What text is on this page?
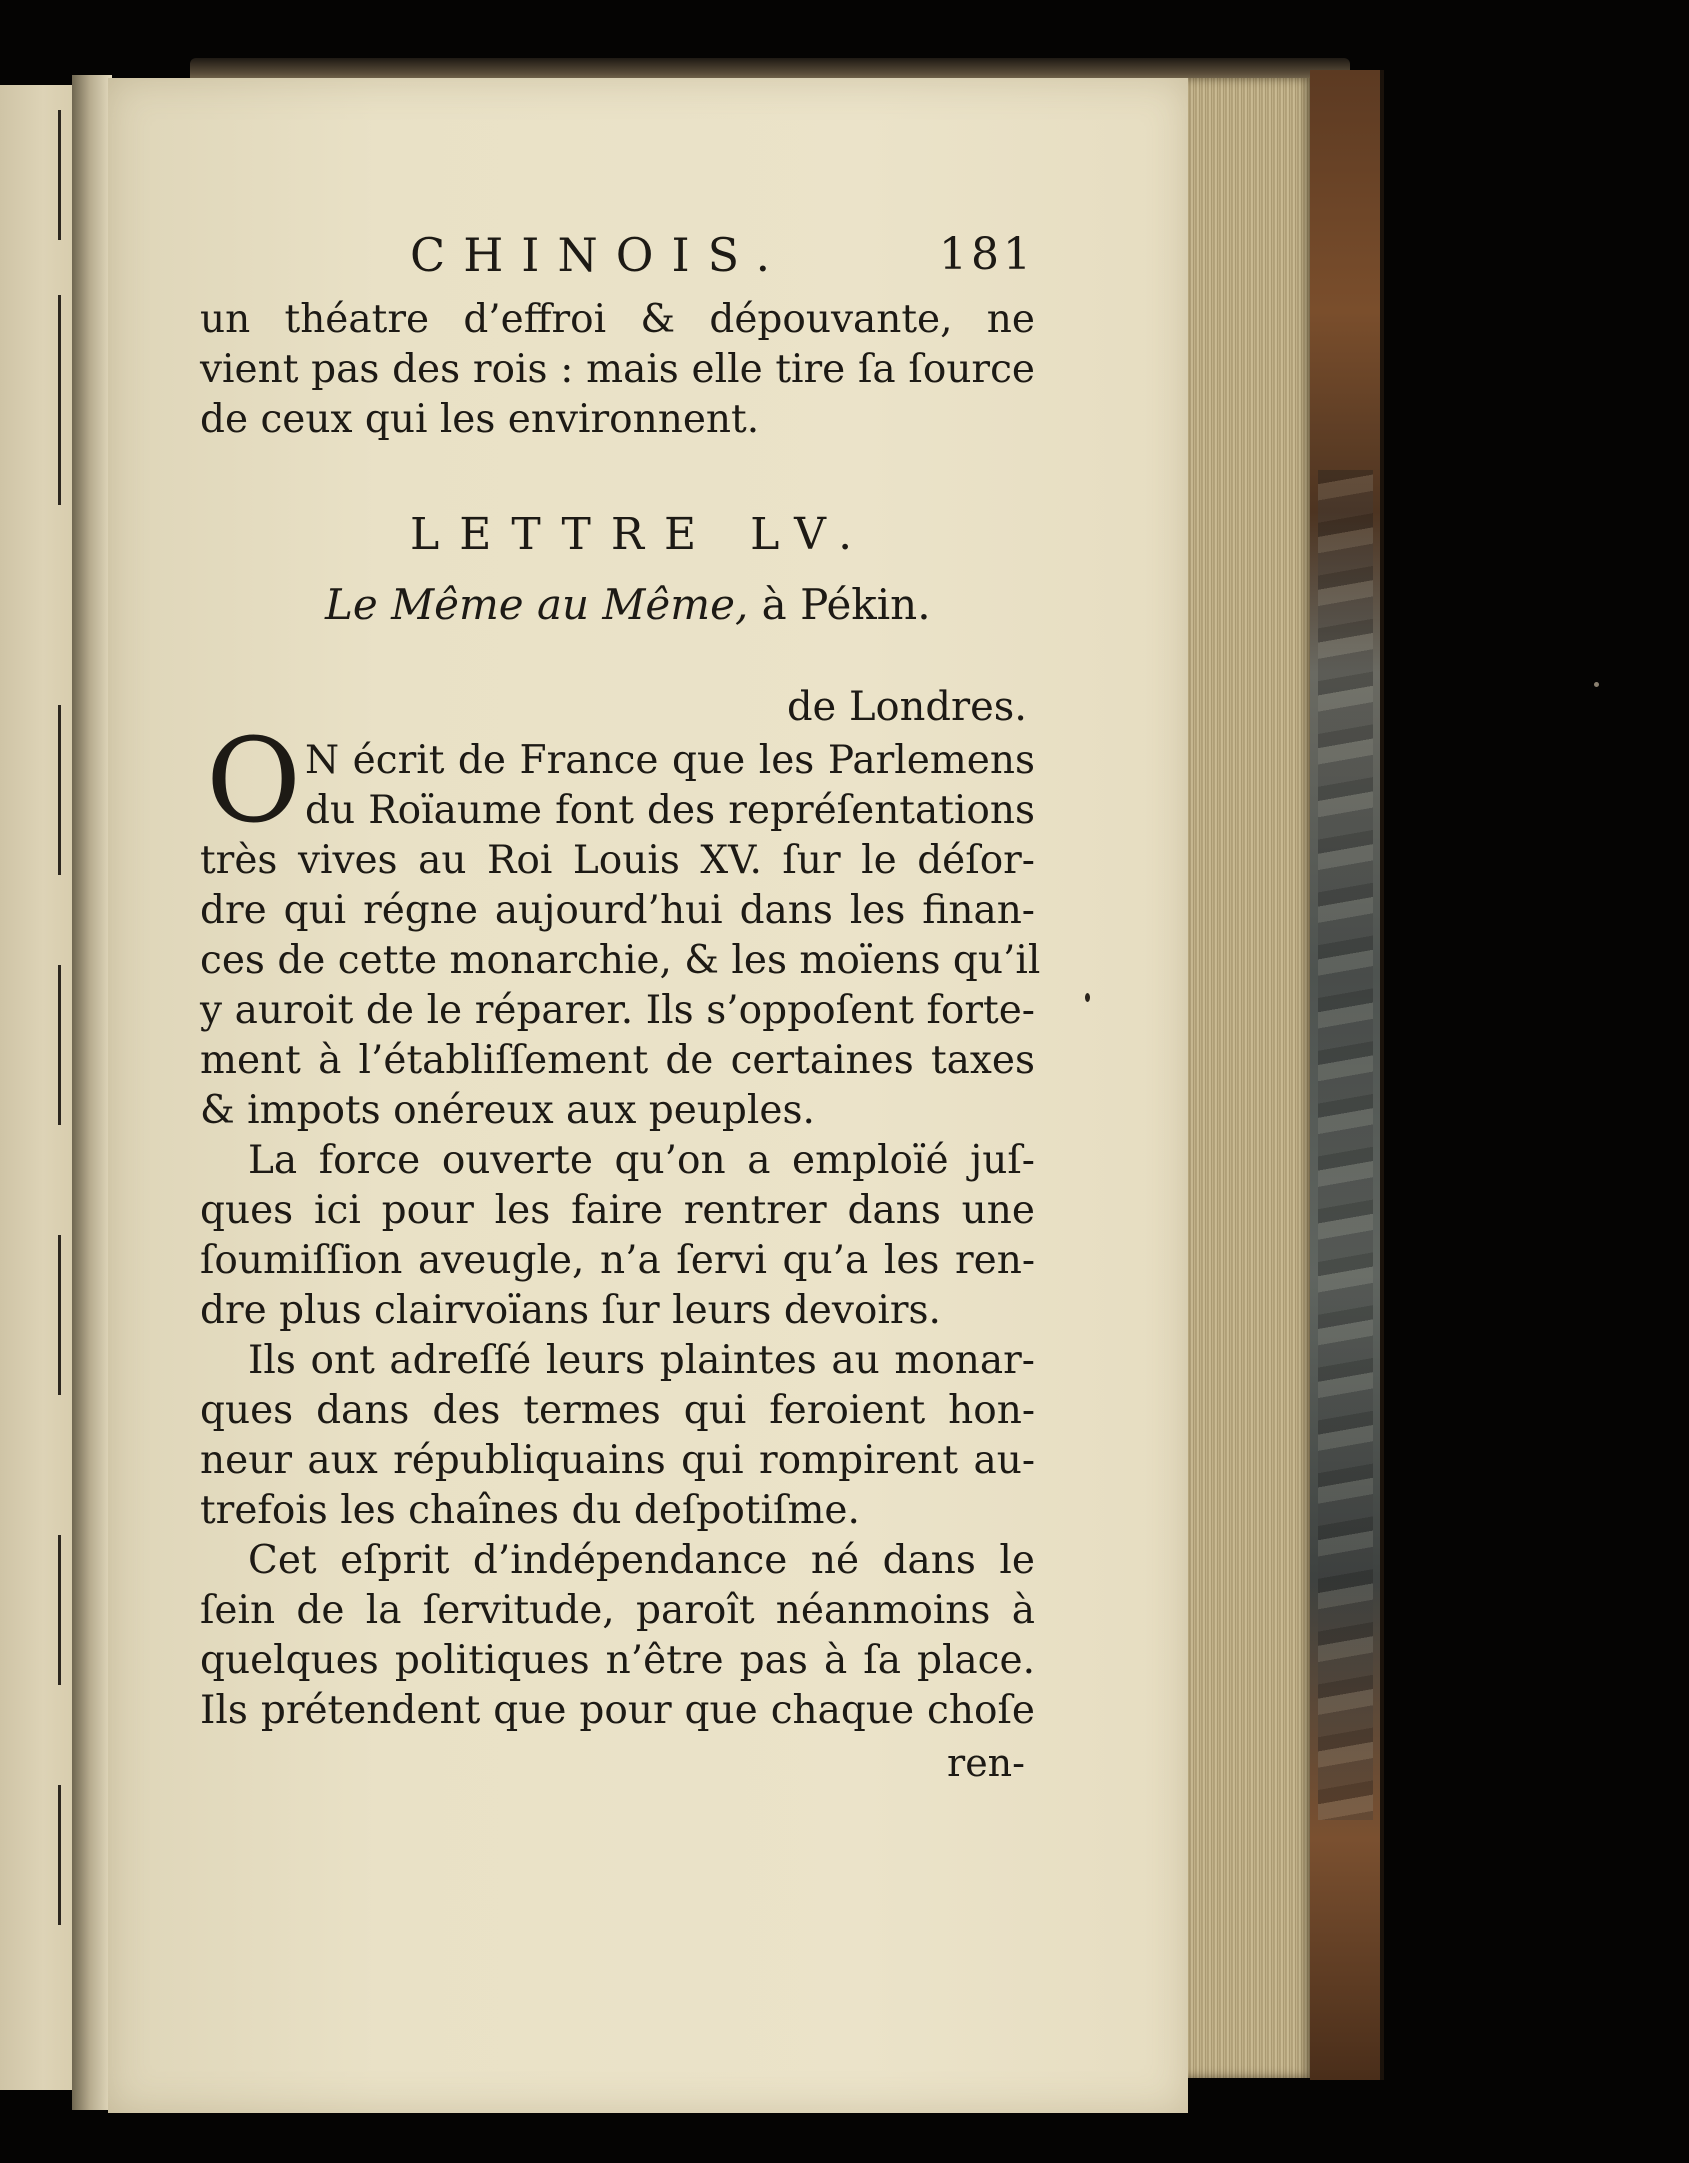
CHINOIS.	181
un théatre d’effroi & dépouvante, ne
vient pas des rois : mais elle tire ſa ſource
de ceux qui les environnent.
LETTRE LV.
Le Même au Même, à Pékin.
de Londres.
O N écrit de France que les Parlemens
du Roïaume font des repréſentations
très vives au Roi Louis XV. ſur le déſor-
dre qui régne aujourd’hui dans les finan-
ces de cette monarchie, & les moïens qu’il
y auroit de le réparer. Ils s’oppoſent forte-
ment à l’établiſſement de certaines taxes
& impots onéreux aux peuples.
La force ouverte qu’on a emploïé juſ-
ques ici pour les faire rentrer dans une
ſoumiſſion aveugle, n’a ſervi qu’a les ren-
dre plus clairvoïans ſur leurs devoirs.
Ils ont adreſſé leurs plaintes au monar-
ques dans des termes qui feroient hon-
neur aux républiquains qui rompirent au-
trefois les chaînes du deſpotiſme.
Cet eſprit d’indépendance né dans le
ſein de la ſervitude, paroît néanmoins à
quelques politiques n’être pas à ſa place.
Ils prétendent que pour que chaque choſe
ren-
